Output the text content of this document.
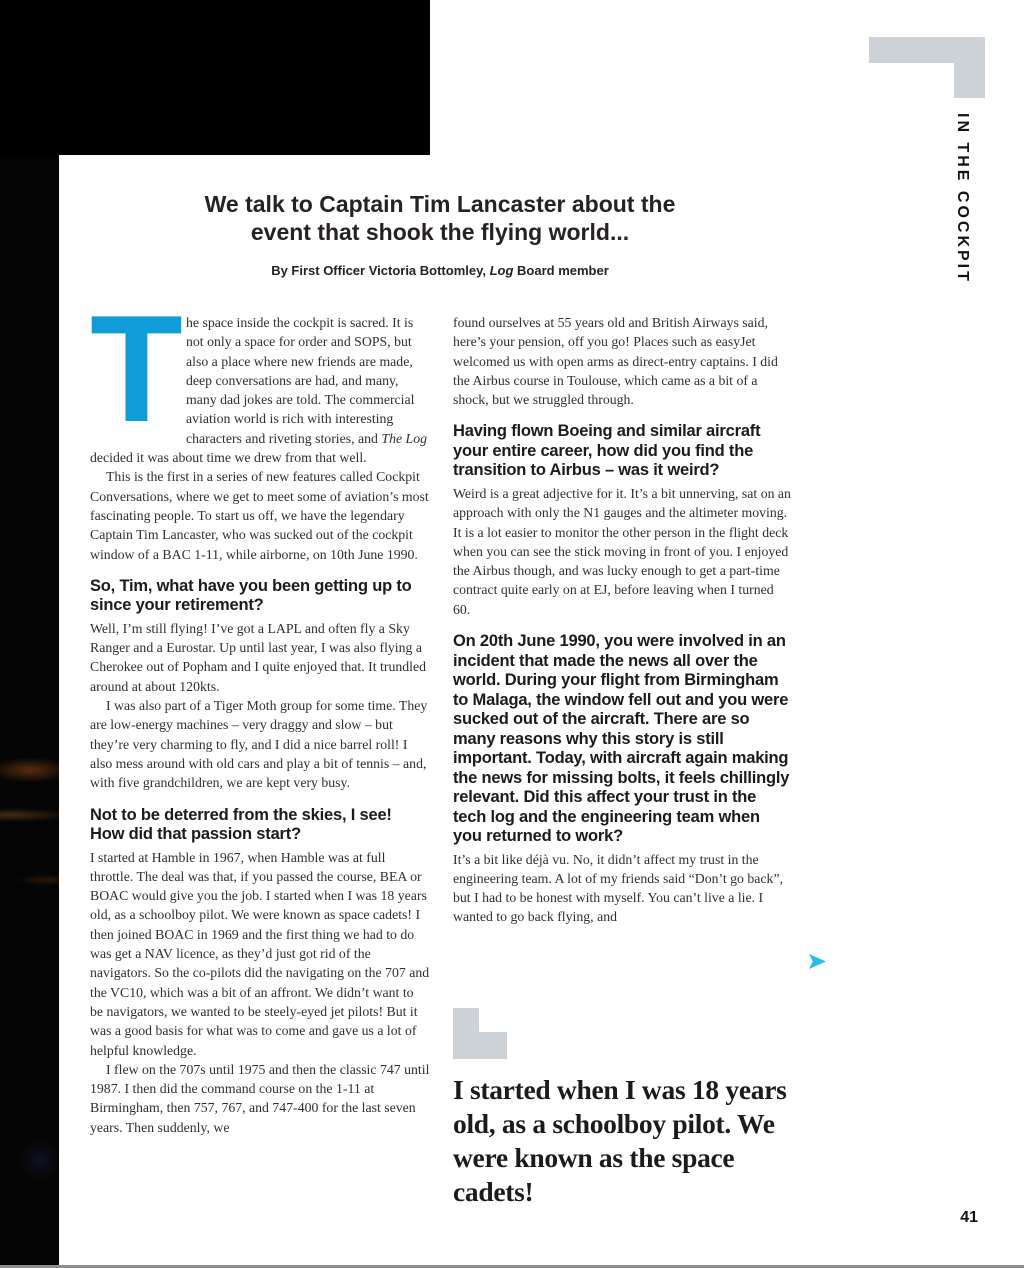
IN THE COCKPIT
We talk to Captain Tim Lancaster about the
event that shook the flying world...

By First Officer Victoria Bottomley, Log Board member

The space inside the cockpit is sacred. It is not only a space for order and SOPS, but also a place where new friends are made, deep conversations are had, and many, many dad jokes are told. The commercial aviation world is rich with interesting characters and riveting stories, and The Log decided it was about time we drew from that well.

This is the first in a series of new features called Cockpit Conversations, where we get to meet some of aviation’s most fascinating people. To start us off, we have the legendary Captain Tim Lancaster, who was sucked out of the cockpit window of a BAC 1-11, while airborne, on 10th June 1990.

So, Tim, what have you been getting up to since your retirement?

Well, I’m still flying! I’ve got a LAPL and often fly a Sky Ranger and a Eurostar. Up until last year, I was also flying a Cherokee out of Popham and I quite enjoyed that. It trundled around at about 120kts.

I was also part of a Tiger Moth group for some time. They are low-energy machines – very draggy and slow – but they’re very charming to fly, and I did a nice barrel roll! I also mess around with old cars and play a bit of tennis – and, with five grandchildren, we are kept very busy.

Not to be deterred from the skies, I see! How did that passion start?

I started at Hamble in 1967, when Hamble was at full throttle. The deal was that, if you passed the course, BEA or BOAC would give you the job. I started when I was 18 years old, as a schoolboy pilot. We were known as space cadets! I then joined BOAC in 1969 and the first thing we had to do was get a NAV licence, as they’d just got rid of the navigators. So the co-pilots did the navigating on the 707 and the VC10, which was a bit of an affront. We didn’t want to be navigators, we wanted to be steely-eyed jet pilots! But it was a good basis for what was to come and gave us a lot of helpful knowledge.

I flew on the 707s until 1975 and then the classic 747 until 1987. I then did the command course on the 1-11 at Birmingham, then 757, 767, and 747-400 for the last seven years. Then suddenly, we

found ourselves at 55 years old and British Airways said, here’s your pension, off you go! Places such as easyJet welcomed us with open arms as direct-entry captains. I did the Airbus course in Toulouse, which came as a bit of a shock, but we struggled through.

Having flown Boeing and similar aircraft your entire career, how did you find the transition to Airbus – was it weird?

Weird is a great adjective for it. It’s a bit unnerving, sat on an approach with only the N1 gauges and the altimeter moving. It is a lot easier to monitor the other person in the flight deck when you can see the stick moving in front of you. I enjoyed the Airbus though, and was lucky enough to get a part-time contract quite early on at EJ, before leaving when I turned 60.

On 20th June 1990, you were involved in an incident that made the news all over the world. During your flight from Birmingham to Malaga, the window fell out and you were sucked out of the aircraft. There are so many reasons why this story is still important. Today, with aircraft again making the news for missing bolts, it feels chillingly relevant. Did this affect your trust in the tech log and the engineering team when you returned to work?

It’s a bit like déjà vu. No, it didn’t affect my trust in the engineering team. A lot of my friends said “Don’t go back”, but I had to be honest with myself. You can’t live a lie. I wanted to go back flying, and

I started when I was 18 years old, as a schoolboy pilot. We were known as the space cadets!

41
